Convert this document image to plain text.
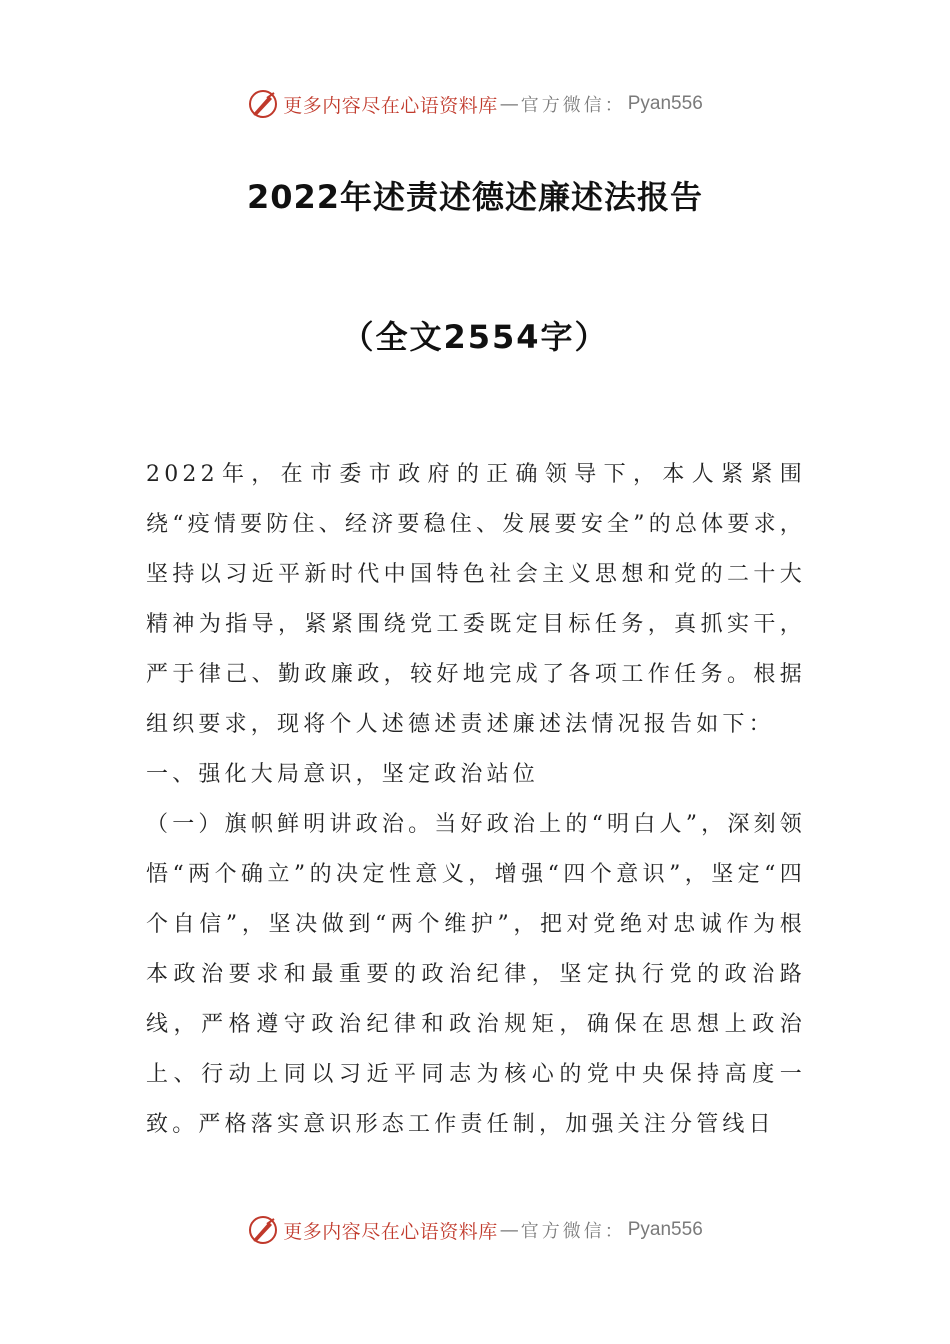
更多内容尽在心语资料库 — 官方微信： Pyan556
2022年述责述德述廉述法报告
（全文2554字）

2022年，在市委市政府的正确领导下，本人紧紧围绕“疫情要防住、经济要稳住、发展要安全”的总体要求，坚持以习近平新时代中国特色社会主义思想和党的二十大精神为指导，紧紧围绕党工委既定目标任务，真抓实干，严于律己、勤政廉政，较好地完成了各项工作任务。根据组织要求，现将个人述德述责述廉述法情况报告如下：

一、强化大局意识，坚定政治站位

（一）旗帜鲜明讲政治。当好政治上的“明白人”，深刻领悟“两个确立”的决定性意义，增强“四个意识”，坚定“四个自信”，坚决做到“两个维护”，把对党绝对忠诚作为根本政治要求和最重要的政治纪律，坚定执行党的政治路线，严格遵守政治纪律和政治规矩，确保在思想上政治上、行动上同以习近平同志为核心的党中央保持高度一致。严格落实意识形态工作责任制，加强关注分管线日

更多内容尽在心语资料库 — 官方微信： Pyan556
